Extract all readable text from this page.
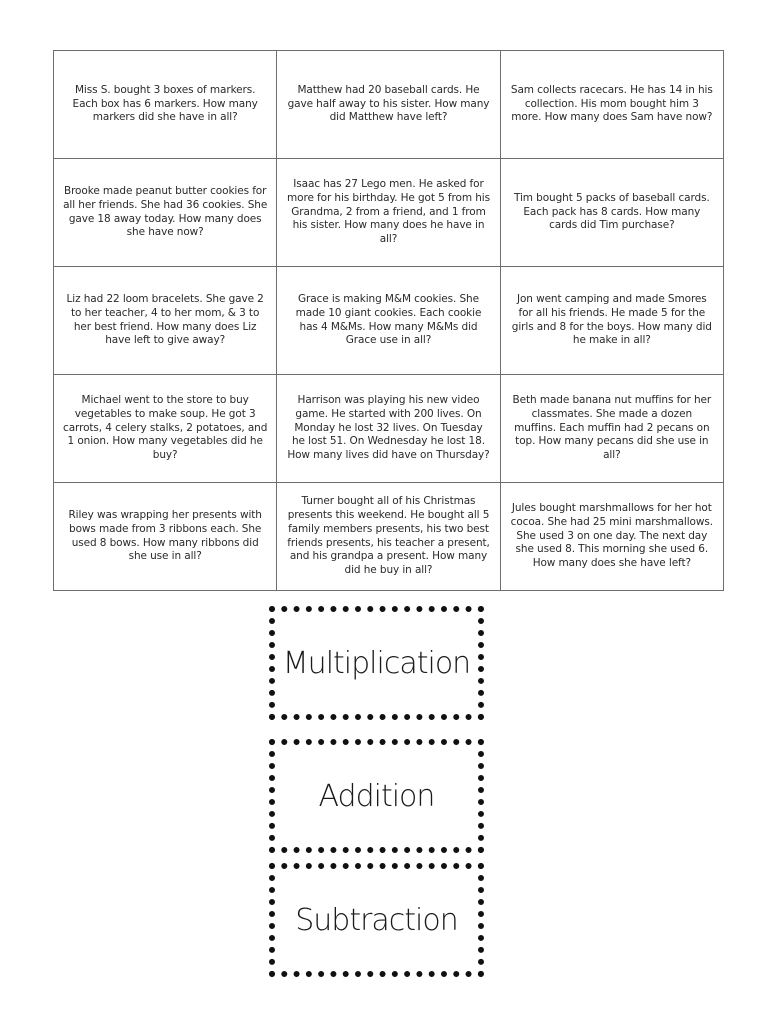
Miss S. bought 3 boxes of markers. Each box has 6 markers. How many markers did she have in all?	Matthew had 20 baseball cards. He gave half away to his sister. How many did Matthew have left?	Sam collects racecars. He has 14 in his collection. His mom bought him 3 more. How many does Sam have now?
Brooke made peanut butter cookies for all her friends. She had 36 cookies. She gave 18 away today. How many does she have now?	Isaac has 27 Lego men. He asked for more for his birthday. He got 5 from his Grandma, 2 from a friend, and 1 from his sister. How many does he have in all?	Tim bought 5 packs of baseball cards. Each pack has 8 cards. How many cards did Tim purchase?
Liz had 22 loom bracelets. She gave 2 to her teacher, 4 to her mom, & 3 to her best friend. How many does Liz have left to give away?	Grace is making M&M cookies. She made 10 giant cookies. Each cookie has 4 M&Ms. How many M&Ms did Grace use in all?	Jon went camping and made Smores for all his friends. He made 5 for the girls and 8 for the boys. How many did he make in all?
Michael went to the store to buy vegetables to make soup. He got 3 carrots, 4 celery stalks, 2 potatoes, and 1 onion. How many vegetables did he buy?	Harrison was playing his new video game. He started with 200 lives. On Monday he lost 32 lives. On Tuesday he lost 51. On Wednesday he lost 18. How many lives did have on Thursday?	Beth made banana nut muffins for her classmates. She made a dozen muffins. Each muffin had 2 pecans on top. How many pecans did she use in all?
Riley was wrapping her presents with bows made from 3 ribbons each. She used 8 bows. How many ribbons did she use in all?	Turner bought all of his Christmas presents this weekend. He bought all 5 family members presents, his two best friends presents, his teacher a present, and his grandpa a present. How many did he buy in all?	Jules bought marshmallows for her hot cocoa. She had 25 mini marshmallows. She used 3 on one day. The next day she used 8. This morning she used 6. How many does she have left?
Multiplication
Addition
Subtraction
